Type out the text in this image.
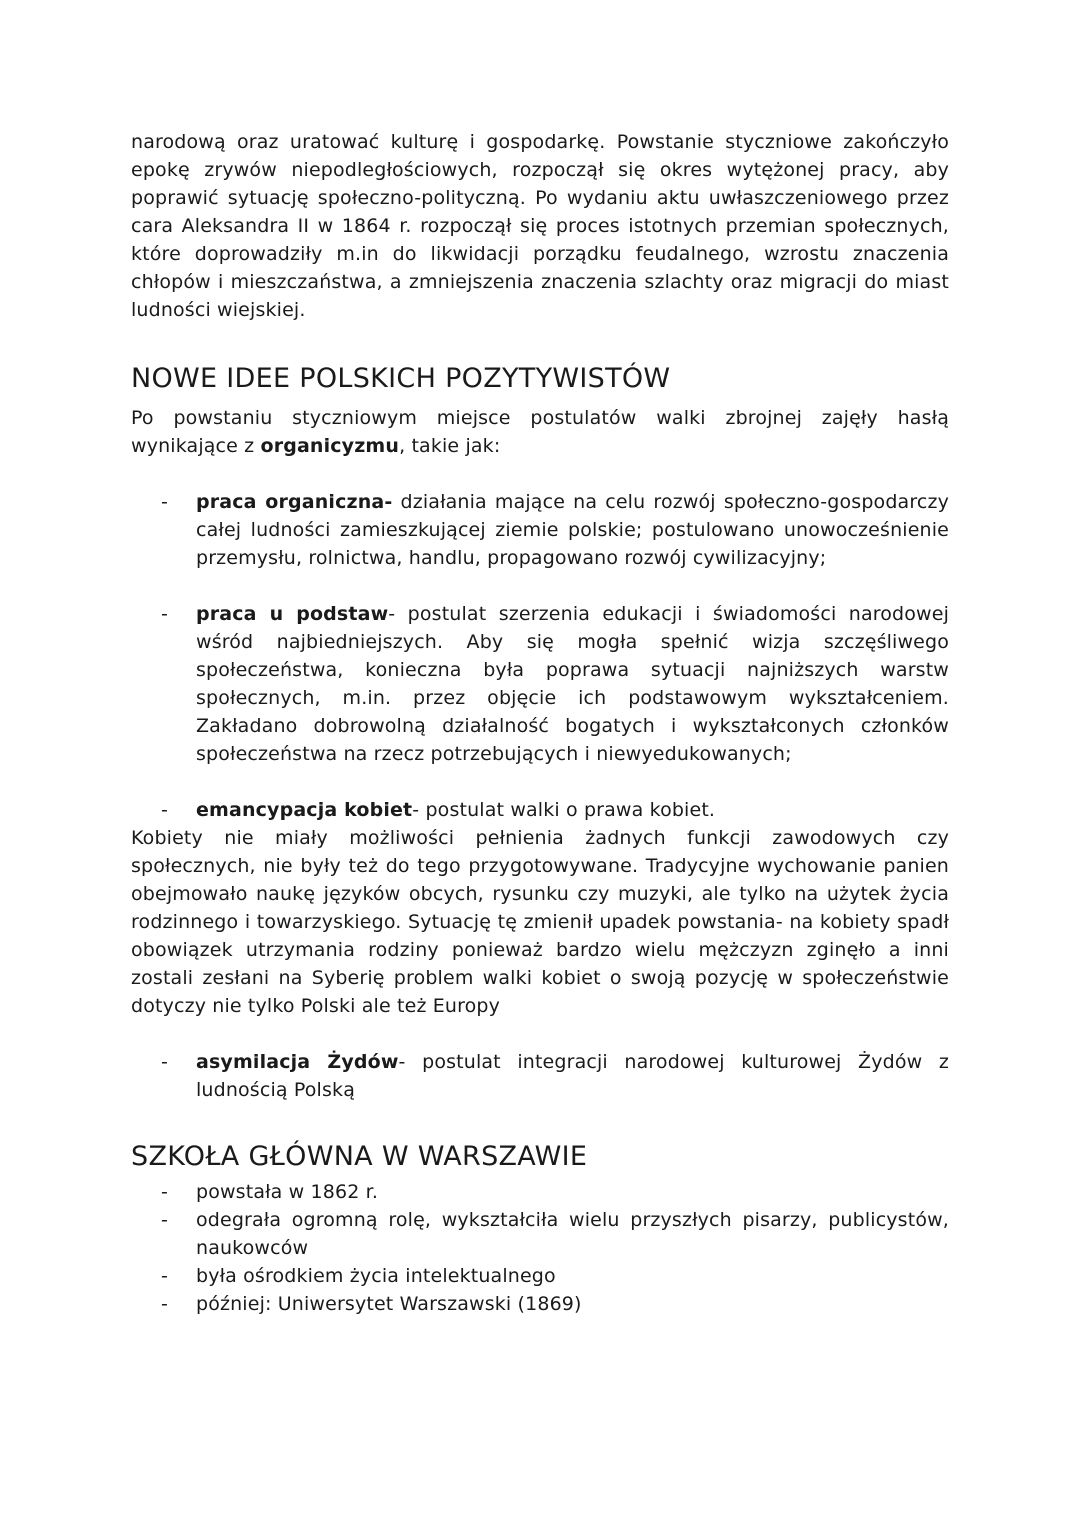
narodową oraz uratować kulturę i gospodarkę. Powstanie styczniowe zakończyło epokę zrywów niepodległościowych, rozpoczął się okres wytężonej pracy, aby poprawić sytuację społeczno-polityczną. Po wydaniu aktu uwłaszczeniowego przez cara Aleksandra II w 1864 r. rozpoczął się proces istotnych przemian społecznych, które doprowadziły m.in do likwidacji porządku feudalnego, wzrostu znaczenia chłopów i mieszczaństwa, a zmniejszenia znaczenia szlachty oraz migracji do miast ludności wiejskiej.

NOWE IDEE POLSKICH POZYTYWISTÓW

Po powstaniu styczniowym miejsce postulatów walki zbrojnej zajęły hasłą wynikające z organicyzmu, takie jak:

- praca organiczna- działania mające na celu rozwój społeczno-gospodarczy całej ludności zamieszkującej ziemie polskie; postulowano unowocześnienie przemysłu, rolnictwa, handlu, propagowano rozwój cywilizacyjny;
- praca u podstaw- postulat szerzenia edukacji i świadomości narodowej wśród najbiedniejszych. Aby się mogła spełnić wizja szczęśliwego społeczeństwa, konieczna była poprawa sytuacji najniższych warstw społecznych, m.in. przez objęcie ich podstawowym wykształceniem. Zakładano dobrowolną działalność bogatych i wykształconych członków społeczeństwa na rzecz potrzebujących i niewyedukowanych;
- emancypacja kobiet- postulat walki o prawa kobiet.

Kobiety nie miały możliwości pełnienia żadnych funkcji zawodowych czy społecznych, nie były też do tego przygotowywane. Tradycyjne wychowanie panien obejmowało naukę języków obcych, rysunku czy muzyki, ale tylko na użytek życia rodzinnego i towarzyskiego. Sytuację tę zmienił upadek powstania- na kobiety spadł obowiązek utrzymania rodziny ponieważ bardzo wielu mężczyzn zginęło a inni zostali zesłani na Syberię problem walki kobiet o swoją pozycję w społeczeństwie dotyczy nie tylko Polski ale też Europy

- asymilacja Żydów- postulat integracji narodowej kulturowej Żydów z ludnością Polską
SZKOŁA GŁÓWNA W WARSZAWIE
- powstała w 1862 r.
- odegrała ogromną rolę, wykształciła wielu przyszłych pisarzy, publicystów, naukowców
- była ośrodkiem życia intelektualnego
- później: Uniwersytet Warszawski (1869)
